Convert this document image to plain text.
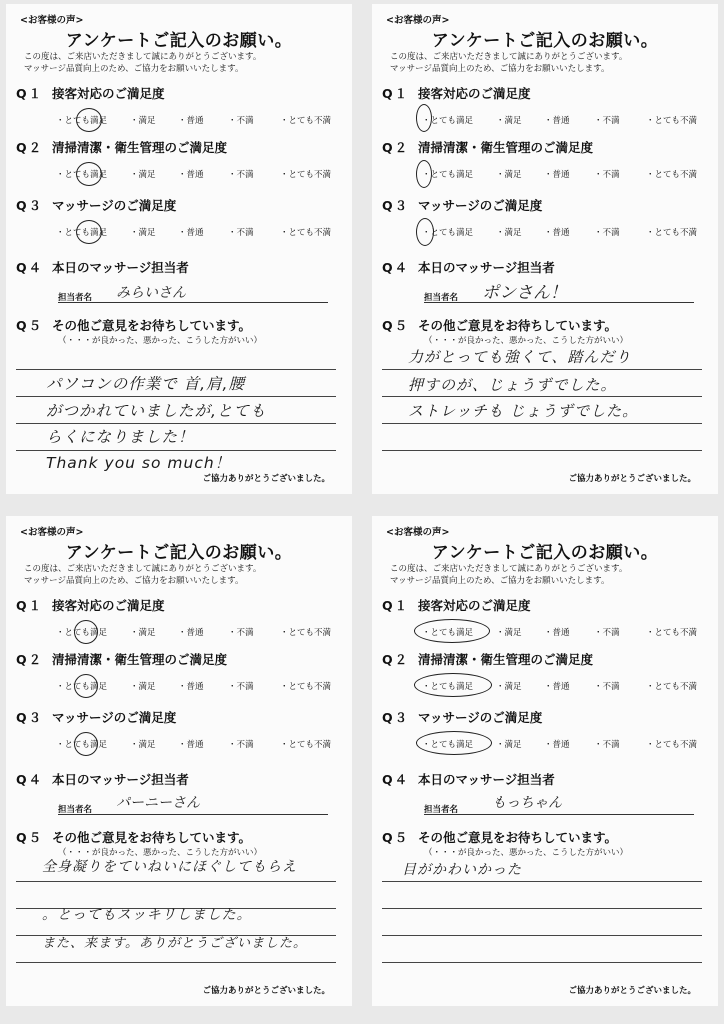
<お客様の声>
アンケートご記入のお願い。
この度は、ご来店いただきまして誠にありがとうございます。
マッサージ品質向上のため、ご協力をお願いいたします。
Q１ 接客対応のご満足度
・とても満足	・満足	・普通	・不満	・とても不満
Q２ 清掃清潔・衛生管理のご満足度
・とても満足	・満足	・普通	・不満	・とても不満
Q３ マッサージのご満足度
・とても満足	・満足	・普通	・不満	・とても不満
Q４ 本日のマッサージ担当者
担当者名 みらいさん
Q５ その他ご意見をお待ちしています。
（・・・が良かった、悪かった、こうした方がいい）
パソコンの作業で 首,肩,腰
がつかれていましたが,とても
らくになりました！
Thank you so much！
ご協力ありがとうございました。
<お客様の声>
アンケートご記入のお願い。
この度は、ご来店いただきまして誠にありがとうございます。
マッサージ品質向上のため、ご協力をお願いいたします。
Q１ 接客対応のご満足度
・とても満足	・満足	・普通	・不満	・とても不満
Q２ 清掃清潔・衛生管理のご満足度
・とても満足	・満足	・普通	・不満	・とても不満
Q３ マッサージのご満足度
・とても満足	・満足	・普通	・不満	・とても不満
Q４ 本日のマッサージ担当者
担当者名 ポンさん！
Q５ その他ご意見をお待ちしています。
（・・・が良かった、悪かった、こうした方がいい）
力がとっても強くて、踏んだり
押すのが、じょうずでした。
ストレッチも じょうずでした。
ご協力ありがとうございました。
<お客様の声>
アンケートご記入のお願い。
この度は、ご来店いただきまして誠にありがとうございます。
マッサージ品質向上のため、ご協力をお願いいたします。
Q１ 接客対応のご満足度
・とても満足	・満足	・普通	・不満	・とても不満
Q２ 清掃清潔・衛生管理のご満足度
・とても満足	・満足	・普通	・不満	・とても不満
Q３ マッサージのご満足度
・とても満足	・満足	・普通	・不満	・とても不満
Q４ 本日のマッサージ担当者
担当者名 パーニーさん
Q５ その他ご意見をお待ちしています。
（・・・が良かった、悪かった、こうした方がいい）
全身凝りをていねいにほぐしてもらえ
。とってもスッキリしました。
また、来ます。ありがとうございました。
ご協力ありがとうございました。
<お客様の声>
アンケートご記入のお願い。
この度は、ご来店いただきまして誠にありがとうございます。
マッサージ品質向上のため、ご協力をお願いいたします。
Q１ 接客対応のご満足度
・とても満足	・満足	・普通	・不満	・とても不満
Q２ 清掃清潔・衛生管理のご満足度
・とても満足	・満足	・普通	・不満	・とても不満
Q３ マッサージのご満足度
・とても満足	・満足	・普通	・不満	・とても不満
Q４ 本日のマッサージ担当者
担当者名 もっちゃん
Q５ その他ご意見をお待ちしています。
（・・・が良かった、悪かった、こうした方がいい）
目がかわいかった
ご協力ありがとうございました。
